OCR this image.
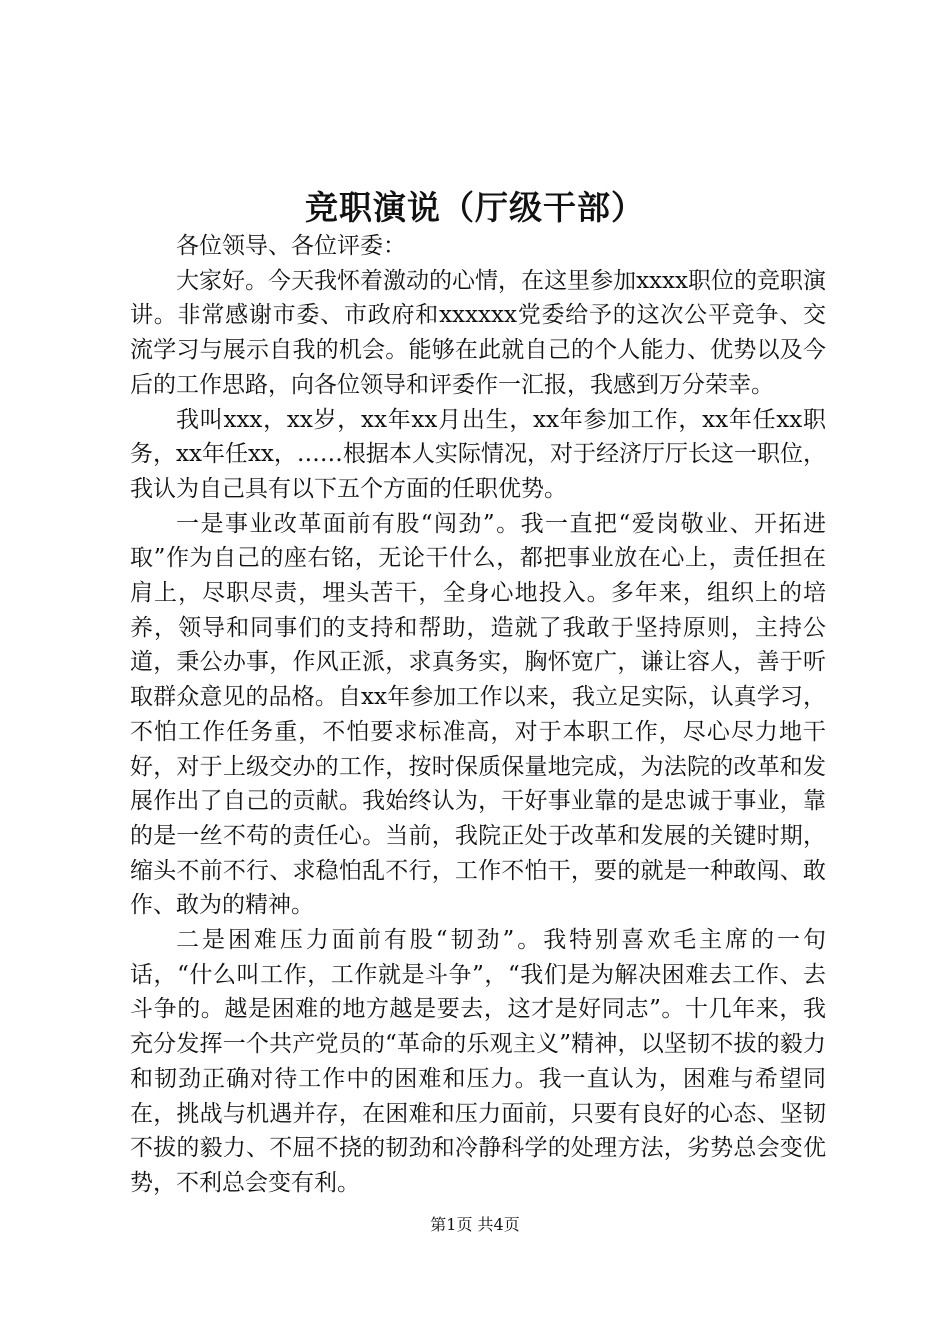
竞职演说（厅级干部）

各位领导、各位评委：

大家好。今天我怀着激动的心情，在这里参加xxxx职位的竞职演讲。非常感谢市委、市政府和xxxxxx党委给予的这次公平竞争、交流学习与展示自我的机会。能够在此就自己的个人能力、优势以及今后的工作思路，向各位领导和评委作一汇报，我感到万分荣幸。

我叫xxx，xx岁，xx年xx月出生，xx年参加工作，xx年任xx职务，xx年任xx，……根据本人实际情况，对于经济厅厅长这一职位，我认为自己具有以下五个方面的任职优势。

一是事业改革面前有股“闯劲”。我一直把“爱岗敬业、开拓进取”作为自己的座右铭，无论干什么，都把事业放在心上，责任担在肩上，尽职尽责，埋头苦干，全身心地投入。多年来，组织上的培养，领导和同事们的支持和帮助，造就了我敢于坚持原则，主持公道，秉公办事，作风正派，求真务实，胸怀宽广，谦让容人，善于听取群众意见的品格。自xx年参加工作以来，我立足实际，认真学习，不怕工作任务重，不怕要求标准高，对于本职工作，尽心尽力地干好，对于上级交办的工作，按时保质保量地完成，为法院的改革和发展作出了自己的贡献。我始终认为，干好事业靠的是忠诚于事业，靠的是一丝不苟的责任心。当前，我院正处于改革和发展的关键时期，缩头不前不行、求稳怕乱不行，工作不怕干，要的就是一种敢闯、敢作、敢为的精神。

二是困难压力面前有股“韧劲”。我特别喜欢毛主席的一句话，“什么叫工作，工作就是斗争”，“我们是为解决困难去工作、去斗争的。越是困难的地方越是要去，这才是好同志”。十几年来，我充分发挥一个共产党员的“革命的乐观主义”精神，以坚韧不拔的毅力和韧劲正确对待工作中的困难和压力。我一直认为，困难与希望同在，挑战与机遇并存，在困难和压力面前，只要有良好的心态、坚韧不拔的毅力、不屈不挠的韧劲和冷静科学的处理方法，劣势总会变优势，不利总会变有利。

第1页 共4页
